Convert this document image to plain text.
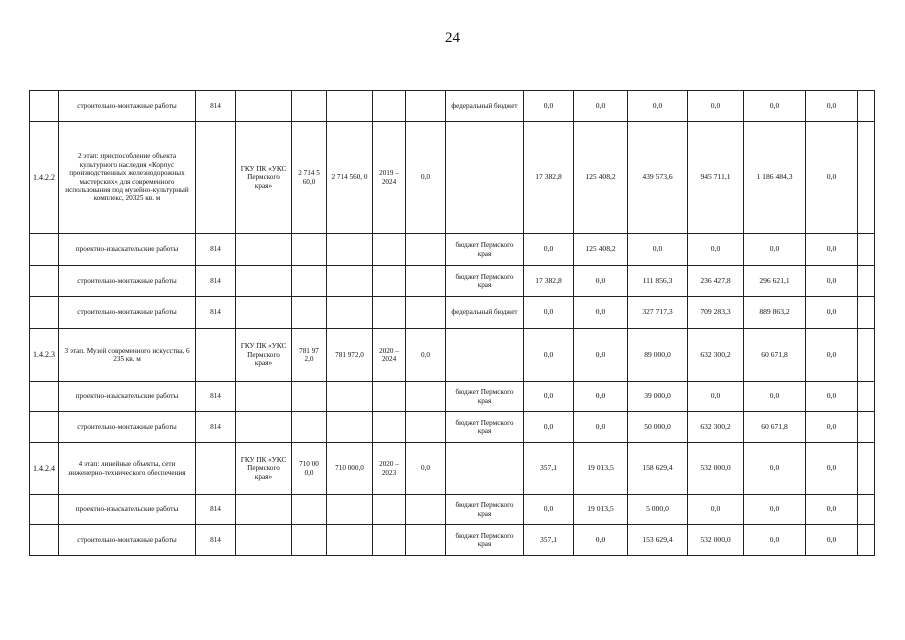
24
	строительно-монтажные работы	814						федеральный бюджет	0,0	0,0	0,0	0,0	0,0	0,0	
1.4.2.2	2 этап: приспособление объекта культурного наследия «Корпус производственных железнодорожных мастерских» для современного использования под музейно-культурный комплекс, 20325 кв. м		ГКУ ПК «УКС Пермского края»	2 714 5 60,0	2 714 560, 0	2019 – 2024	0,0		17 382,8	125 408,2	439 573,6	945 711,1	1 186 484,3	0,0	
	проектно-изыскательские работы	814						бюджет Пермского края	0,0	125 408,2	0,0	0,0	0,0	0,0	
	строительно-монтажные работы	814						бюджет Пермского края	17 382,8	0,0	111 856,3	236 427,8	296 621,1	0,0	
	строительно-монтажные работы	814						федеральный бюджет	0,0	0,0	327 717,3	709 283,3	889 863,2	0,0	
1.4.2.3	3 этап. Музей современного искусства, 6 235 кв. м		ГКУ ПК «УКС Пермского края»	781 97 2,0	781 972,0	2020 – 2024	0,0		0,0	0,0	89 000,0	632 300,2	60 671,8	0,0	
	проектно-изыскательские работы	814						бюджет Пермского края	0,0	0,0	39 000,0	0,0	0,0	0,0	
	строительно-монтажные работы	814						бюджет Пермского края	0,0	0,0	50 000,0	632 300,2	60 671,8	0,0	
1.4.2.4	4 этап: линейные объекты, сети инженерно-технического обеспечения		ГКУ ПК «УКС Пермского края»	710 00 0,0	710 000,0	2020 – 2023	0,0		357,1	19 013,5	158 629,4	532 000,0	0,0	0,0	
	проектно-изыскательские работы	814						бюджет Пермского края	0,0	19 013,5	5 000,0	0,0	0,0	0,0	
	строительно-монтажные работы	814						бюджет Пермского края	357,1	0,0	153 629,4	532 000,0	0,0	0,0	
